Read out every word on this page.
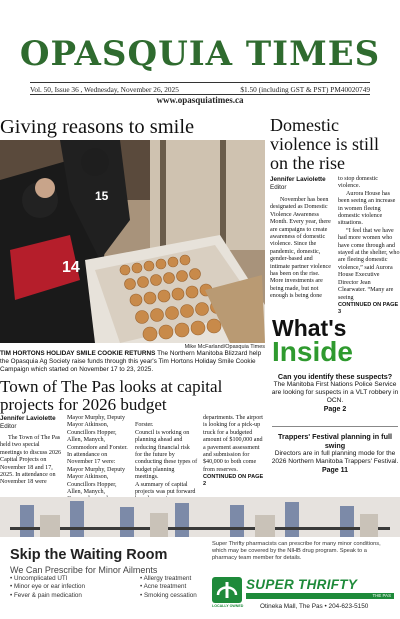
OPASQUIA TIMES
Vol. 50, Issue 36 , Wednesday, November 26, 2025	$1.50 (including GST & PST) PM40020749
www.opasquiatimes.ca
Giving reasons to smile
14
15
Mike McFarland/Opasquia Times
TIM HORTONS HOLIDAY SMILE COOKIE RETURNS The Northern Manitoba Blizzard help the Opasquia Ag Society raise funds through this year's Tim Hortons Holiday Smile Cookie Campaign which started on November 17 to 23, 2025.
Domestic violence is still on the rise
Jennifer Laviolette
Editor

November has been designated as Domestic Violence Awareness Month. Every year, there are campaigns to create awareness of domestic violence. Since the pandemic, domestic, gender-based and intimate partner violence has been on the rise. More investments are being made, but not enough is being done

to stop domestic violence.

Aurora House has been seeing an increase in women fleeing domestic violence situations.

“I feel that we have had more women who have come through and stayed at the shelter, who are fleeing domestic violence,” said Aurora House Executive Director Jean Clearwater. “Many are seeing

CONTINUED ON PAGE 3

What's
Inside
Can you identify these suspects?
The Manitoba First Nations Police Service are looking for suspects in a VLT robbery in OCN.
Page 2
Trappers' Festival planning in full swing
Directors are in full planning mode for the 2026 Northern Manitoba Trappers' Festival.
Page 11
Town of The Pas looks at capital projects for 2026 budget
Jennifer Laviolette
Editor

The Town of The Pas held two special meetings to discuss 2026 Capital Projects on November 18 and 17, 2025. In attendance on November 18 were

Mayor Murphy, Deputy Mayor Atkinson, Councillors Hopper, Allen, Manych, Commodore and Forster. In attendance on November 17 were: Mayor Murphy, Deputy Mayor Atkinson, Councillors Hopper, Allen, Manych,

Forster.
Council is working on planning ahead and reducing financial risk for the future by conducting these types of budget planning meetings.
A summary of capital projects was put forward

departments. The airport is looking for a pick-up truck for a budgeted amount of $100,000 and a pavement assessment and submission for $40,000 to both come from reserves.

CONTINUED ON PAGE 2

Skip the Waiting Room
We Can Prescribe for Minor Ailments
• Uncomplicated UTI	• Allergy treatment
• Minor eye or ear infection	• Acne treatment
• Fever & pain medication	• Smoking cessation
Super Thrifty pharmacists can prescribe for many minor conditions, which may be covered by the NIHB drug program. Speak to a pharmacy team member for details.
SUPER THRIFTY
THE PAS
LOCALLY OWNED	Otineka Mall, The Pas • 204-623-5150
